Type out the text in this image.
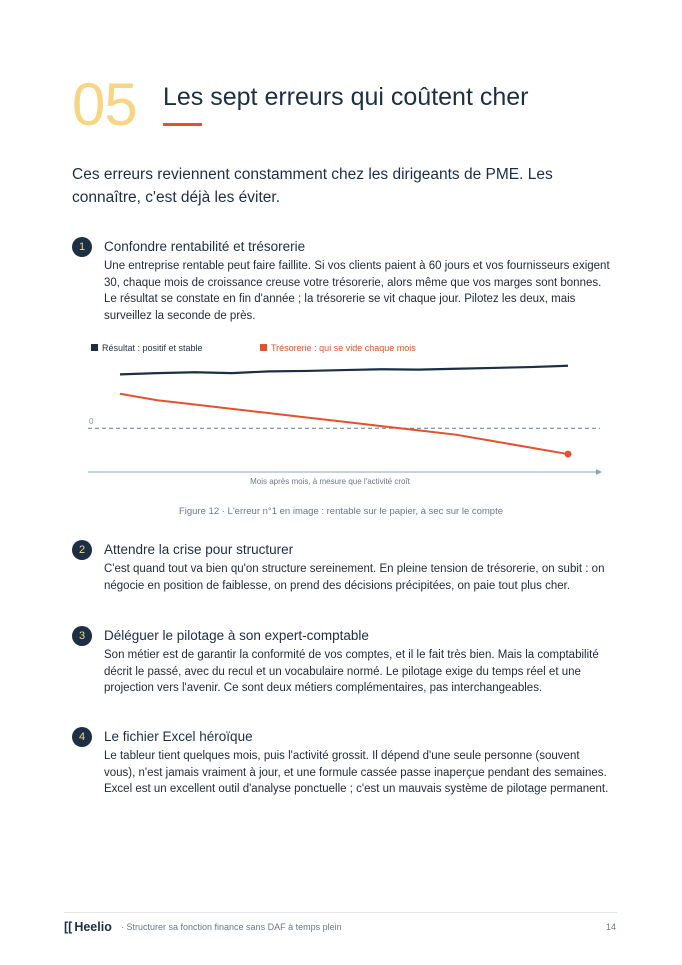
05 Les sept erreurs qui coûtent cher
Ces erreurs reviennent constamment chez les dirigeants de PME. Les connaître, c'est déjà les éviter.
1	Confondre rentabilité et trésorerie
Une entreprise rentable peut faire faillite. Si vos clients paient à 60 jours et vos fournisseurs exigent 30, chaque mois de croissance creuse votre trésorerie, alors même que vos marges sont bonnes. Le résultat se constate en fin d'année ; la trésorerie se vit chaque jour. Pilotez les deux, mais surveillez la seconde de près.
Résultat : positif et stable	Trésorerie : qui se vide chaque mois
0
Mois après mois, à mesure que l'activité croît
Figure 12 · L'erreur n°1 en image : rentable sur le papier, à sec sur le compte
2	Attendre la crise pour structurer
C'est quand tout va bien qu'on structure sereinement. En pleine tension de trésorerie, on subit : on négocie en position de faiblesse, on prend des décisions précipitées, on paie tout plus cher.
3	Déléguer le pilotage à son expert-comptable
Son métier est de garantir la conformité de vos comptes, et il le fait très bien. Mais la comptabilité décrit le passé, avec du recul et un vocabulaire normé. Le pilotage exige du temps réel et une projection vers l'avenir. Ce sont deux métiers complémentaires, pas interchangeables.
4	Le fichier Excel héroïque
Le tableur tient quelques mois, puis l'activité grossit. Il dépend d'une seule personne (souvent vous), n'est jamais vraiment à jour, et une formule cassée passe inaperçue pendant des semaines. Excel est un excellent outil d'analyse ponctuelle ; c'est un mauvais système de pilotage permanent.
[[ Heelio · Structurer sa fonction finance sans DAF à temps plein	14
